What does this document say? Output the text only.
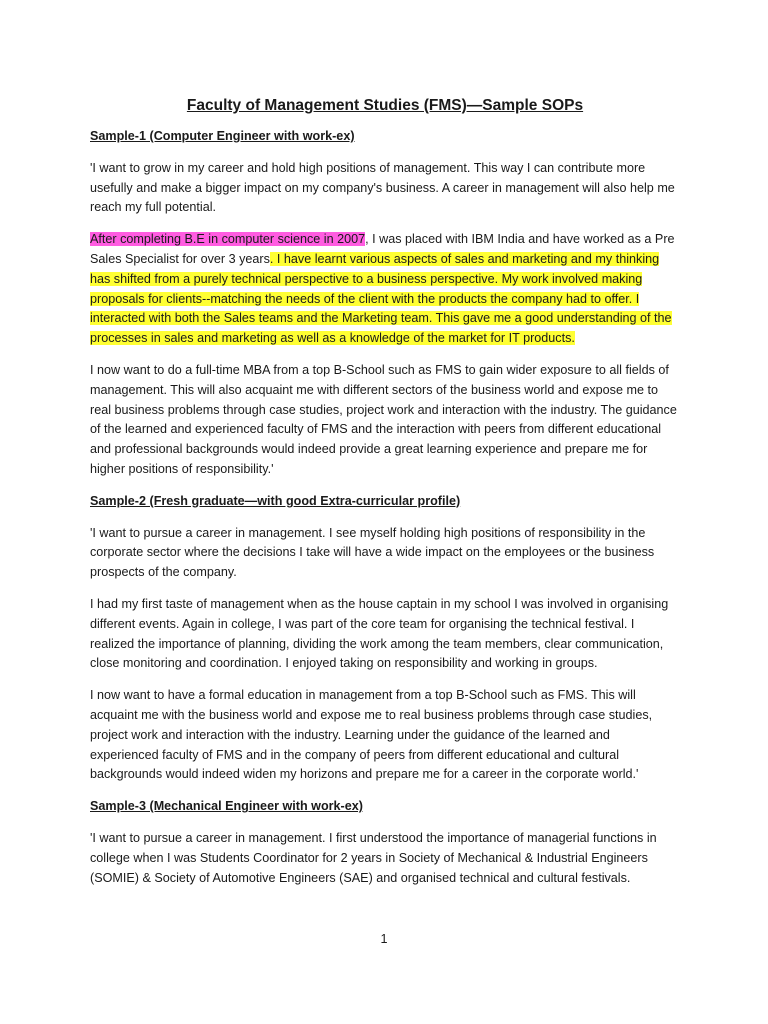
Faculty of Management Studies (FMS)—Sample SOPs
Sample-1 (Computer Engineer with work-ex)

'I want to grow in my career and hold high positions of management. This way I can contribute more usefully and make a bigger impact on my company's business. A career in management will also help me reach my full potential.

After completing B.E in computer science in 2007, I was placed with IBM India and have worked as a Pre Sales Specialist for over 3 years. I have learnt various aspects of sales and marketing and my thinking has shifted from a purely technical perspective to a business perspective. My work involved making proposals for clients--matching the needs of the client with the products the company had to offer. I interacted with both the Sales teams and the Marketing team. This gave me a good understanding of the processes in sales and marketing as well as a knowledge of the market for IT products.

I now want to do a full-time MBA from a top B-School such as FMS to gain wider exposure to all fields of management. This will also acquaint me with different sectors of the business world and expose me to real business problems through case studies, project work and interaction with the industry. The guidance of the learned and experienced faculty of FMS and the interaction with peers from different educational and professional backgrounds would indeed provide a great learning experience and prepare me for higher positions of responsibility.'

Sample-2 (Fresh graduate—with good Extra-curricular profile)

'I want to pursue a career in management. I see myself holding high positions of responsibility in the corporate sector where the decisions I take will have a wide impact on the employees or the business prospects of the company.

I had my first taste of management when as the house captain in my school I was involved in organising different events. Again in college, I was part of the core team for organising the technical festival. I realized the importance of planning, dividing the work among the team members, clear communication, close monitoring and coordination. I enjoyed taking on responsibility and working in groups.

I now want to have a formal education in management from a top B-School such as FMS. This will acquaint me with the business world and expose me to real business problems through case studies, project work and interaction with the industry. Learning under the guidance of the learned and experienced faculty of FMS and in the company of peers from different educational and cultural backgrounds would indeed widen my horizons and prepare me for a career in the corporate world.'

Sample-3 (Mechanical Engineer with work-ex)

'I want to pursue a career in management. I first understood the importance of managerial functions in college when I was Students Coordinator for 2 years in Society of Mechanical & Industrial Engineers (SOMIE) & Society of Automotive Engineers (SAE) and organised technical and cultural festivals.

1
